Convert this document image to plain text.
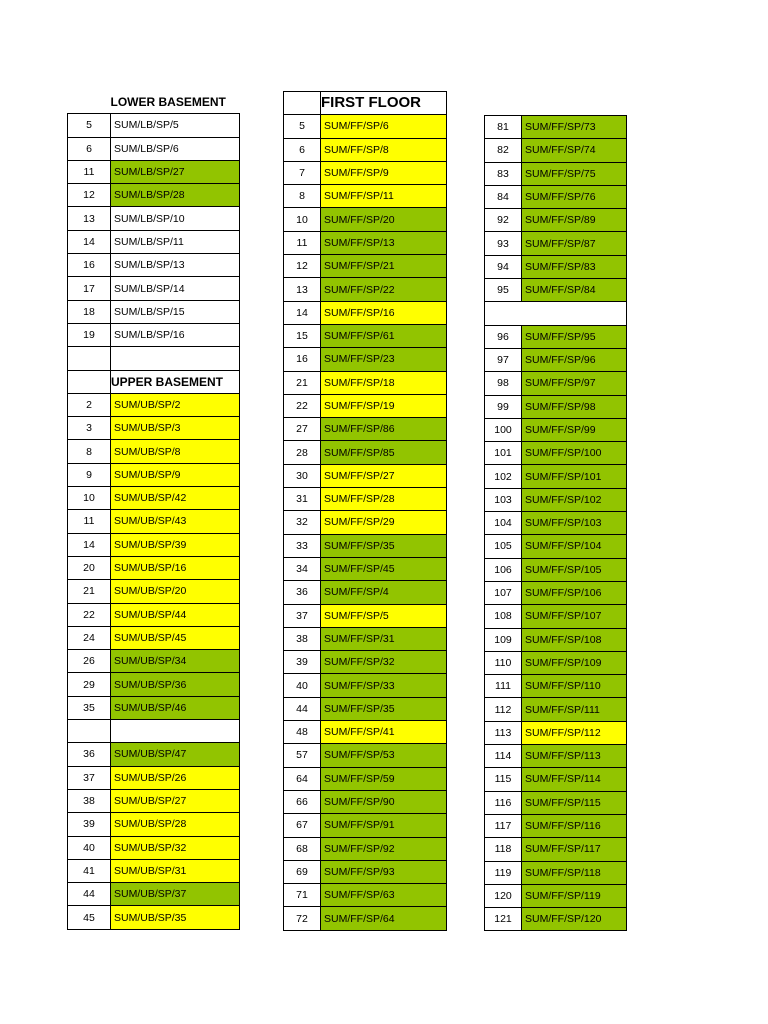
	LOWER BASEMENT
5	SUM/LB/SP/5
6	SUM/LB/SP/6
11	SUM/LB/SP/27
12	SUM/LB/SP/28
13	SUM/LB/SP/10
14	SUM/LB/SP/11
16	SUM/LB/SP/13
17	SUM/LB/SP/14
18	SUM/LB/SP/15
19	SUM/LB/SP/16

	UPPER BASEMENT
2	SUM/UB/SP/2
3	SUM/UB/SP/3
8	SUM/UB/SP/8
9	SUM/UB/SP/9
10	SUM/UB/SP/42
11	SUM/UB/SP/43
14	SUM/UB/SP/39
20	SUM/UB/SP/16
21	SUM/UB/SP/20
22	SUM/UB/SP/44
24	SUM/UB/SP/45
26	SUM/UB/SP/34
29	SUM/UB/SP/36
35	SUM/UB/SP/46

36	SUM/UB/SP/47
37	SUM/UB/SP/26
38	SUM/UB/SP/27
39	SUM/UB/SP/28
40	SUM/UB/SP/32
41	SUM/UB/SP/31
44	SUM/UB/SP/37
45	SUM/UB/SP/35
	FIRST FLOOR
5	SUM/FF/SP/6
6	SUM/FF/SP/8
7	SUM/FF/SP/9
8	SUM/FF/SP/11
10	SUM/FF/SP/20
11	SUM/FF/SP/13
12	SUM/FF/SP/21
13	SUM/FF/SP/22
14	SUM/FF/SP/16
15	SUM/FF/SP/61
16	SUM/FF/SP/23
21	SUM/FF/SP/18
22	SUM/FF/SP/19
27	SUM/FF/SP/86
28	SUM/FF/SP/85
30	SUM/FF/SP/27
31	SUM/FF/SP/28
32	SUM/FF/SP/29
33	SUM/FF/SP/35
34	SUM/FF/SP/45
36	SUM/FF/SP/4
37	SUM/FF/SP/5
38	SUM/FF/SP/31
39	SUM/FF/SP/32
40	SUM/FF/SP/33
44	SUM/FF/SP/35
48	SUM/FF/SP/41
57	SUM/FF/SP/53
64	SUM/FF/SP/59
66	SUM/FF/SP/90
67	SUM/FF/SP/91
68	SUM/FF/SP/92
69	SUM/FF/SP/93
71	SUM/FF/SP/63
72	SUM/FF/SP/64
81	SUM/FF/SP/73
82	SUM/FF/SP/74
83	SUM/FF/SP/75
84	SUM/FF/SP/76
92	SUM/FF/SP/89
93	SUM/FF/SP/87
94	SUM/FF/SP/83
95	SUM/FF/SP/84

96	SUM/FF/SP/95
97	SUM/FF/SP/96
98	SUM/FF/SP/97
99	SUM/FF/SP/98
100	SUM/FF/SP/99
101	SUM/FF/SP/100
102	SUM/FF/SP/101
103	SUM/FF/SP/102
104	SUM/FF/SP/103
105	SUM/FF/SP/104
106	SUM/FF/SP/105
107	SUM/FF/SP/106
108	SUM/FF/SP/107
109	SUM/FF/SP/108
110	SUM/FF/SP/109
111	SUM/FF/SP/110
112	SUM/FF/SP/111
113	SUM/FF/SP/112
114	SUM/FF/SP/113
115	SUM/FF/SP/114
116	SUM/FF/SP/115
117	SUM/FF/SP/116
118	SUM/FF/SP/117
119	SUM/FF/SP/118
120	SUM/FF/SP/119
121	SUM/FF/SP/120
